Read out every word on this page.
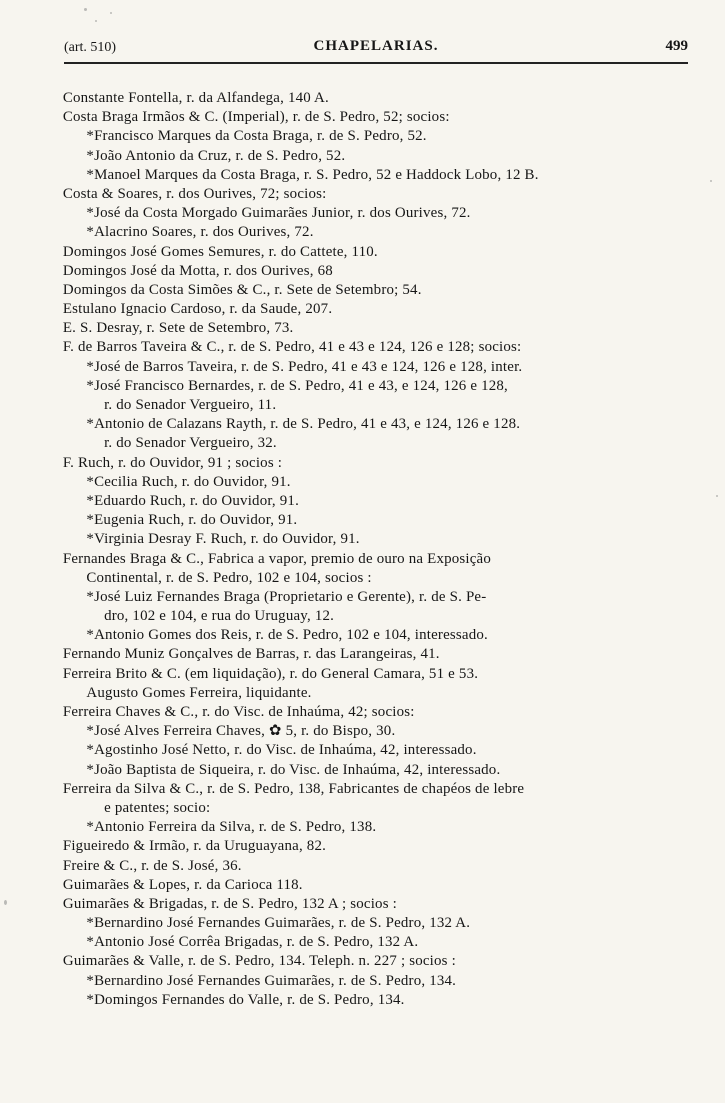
(art. 510)	CHAPELARIAS.	499
Constante Fontella, r. da Alfandega, 140 A.
Costa Braga Irmãos & C. (Imperial), r. de S. Pedro, 52; socios:
*Francisco Marques da Costa Braga, r. de S. Pedro, 52.
*João Antonio da Cruz, r. de S. Pedro, 52.
*Manoel Marques da Costa Braga, r. S. Pedro, 52 e Haddock Lobo, 12 B.
Costa & Soares, r. dos Ourives, 72; socios:
*José da Costa Morgado Guimarães Junior, r. dos Ourives, 72.
*Alacrino Soares, r. dos Ourives, 72.
Domingos José Gomes Semures, r. do Cattete, 110.
Domingos José da Motta, r. dos Ourives, 68
Domingos da Costa Simões & C., r. Sete de Setembro; 54.
Estulano Ignacio Cardoso, r. da Saude, 207.
E. S. Desray, r. Sete de Setembro, 73.
F. de Barros Taveira & C., r. de S. Pedro, 41 e 43 e 124, 126 e 128; socios:
*José de Barros Taveira, r. de S. Pedro, 41 e 43 e 124, 126 e 128, inter.
*José Francisco Bernardes, r. de S. Pedro, 41 e 43, e 124, 126 e 128,
r. do Senador Vergueiro, 11.
*Antonio de Calazans Rayth, r. de S. Pedro, 41 e 43, e 124, 126 e 128.
r. do Senador Vergueiro, 32.
F. Ruch, r. do Ouvidor, 91 ; socios :
*Cecilia Ruch, r. do Ouvidor, 91.
*Eduardo Ruch, r. do Ouvidor, 91.
*Eugenia Ruch, r. do Ouvidor, 91.
*Virginia Desray F. Ruch, r. do Ouvidor, 91.
Fernandes Braga & C., Fabrica a vapor, premio de ouro na Exposição
Continental, r. de S. Pedro, 102 e 104, socios :
*José Luiz Fernandes Braga (Proprietario e Gerente), r. de S. Pe-
dro, 102 e 104, e rua do Uruguay, 12.
*Antonio Gomes dos Reis, r. de S. Pedro, 102 e 104, interessado.
Fernando Muniz Gonçalves de Barras, r. das Larangeiras, 41.
Ferreira Brito & C. (em liquidação), r. do General Camara, 51 e 53.
Augusto Gomes Ferreira, liquidante.
Ferreira Chaves & C., r. do Visc. de Inhaúma, 42; socios:
*José Alves Ferreira Chaves, ✿ 5, r. do Bispo, 30.
*Agostinho José Netto, r. do Visc. de Inhaúma, 42, interessado.
*João Baptista de Siqueira, r. do Visc. de Inhaúma, 42, interessado.
Ferreira da Silva & C., r. de S. Pedro, 138, Fabricantes de chapéos de lebre
e patentes; socio:
*Antonio Ferreira da Silva, r. de S. Pedro, 138.
Figueiredo & Irmão, r. da Uruguayana, 82.
Freire & C., r. de S. José, 36.
Guimarães & Lopes, r. da Carioca 118.
Guimarães & Brigadas, r. de S. Pedro, 132 A ; socios :
*Bernardino José Fernandes Guimarães, r. de S. Pedro, 132 A.
*Antonio José Corrêa Brigadas, r. de S. Pedro, 132 A.
Guimarães & Valle, r. de S. Pedro, 134. Teleph. n. 227 ; socios :
*Bernardino José Fernandes Guimarães, r. de S. Pedro, 134.
*Domingos Fernandes do Valle, r. de S. Pedro, 134.
